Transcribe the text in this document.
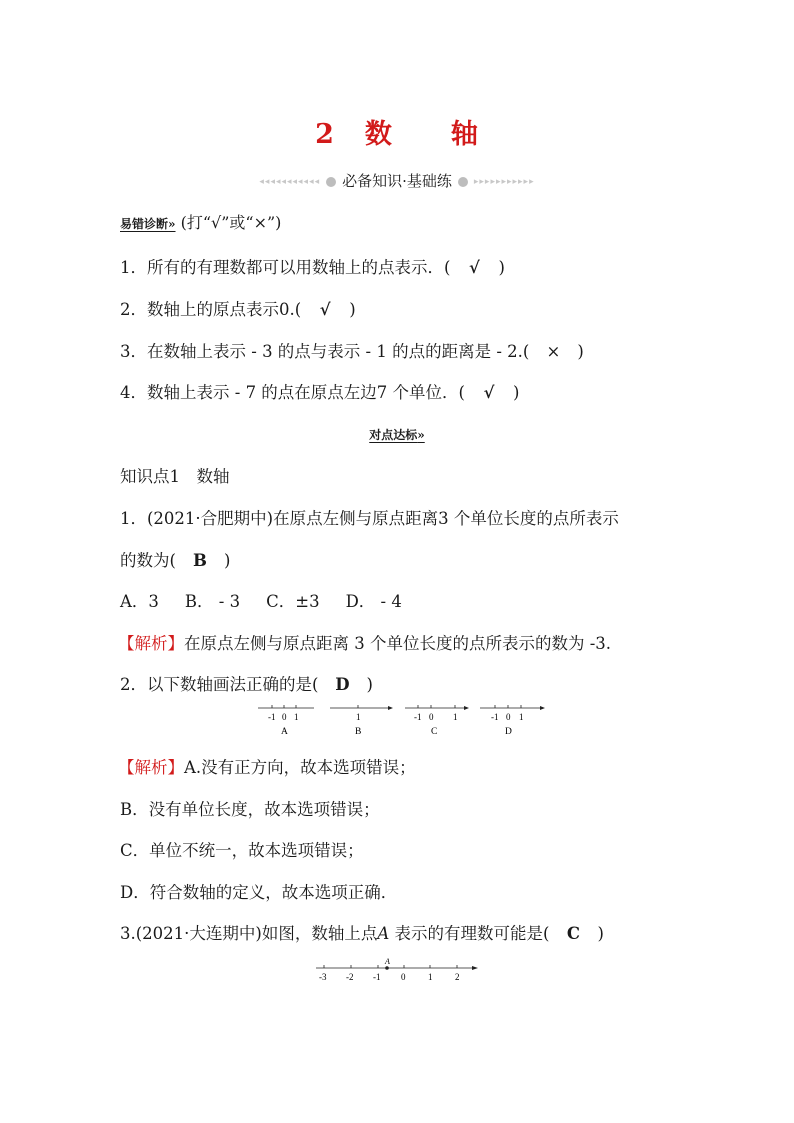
2 数 轴
◂◂◂◂◂◂◂◂◂◂◂ 必备知识·基础练 ▸▸▸▸▸▸▸▸▸▸▸
易错诊断» (打“√”或“×”)
1．所有的有理数都可以用数轴上的点表示．( √ )
2．数轴上的原点表示0.( √ )
3．在数轴上表示 - 3 的点与表示 - 1 的点的距离是 - 2.( × )
4．数轴上表示 - 7 的点在原点左边7 个单位．( √ )
对点达标»
知识点1　数轴
1．(2021·合肥期中)在原点左侧与原点距离3 个单位长度的点所表示
的数为( B )
A．3 B． - 3 C．±3 D． - 4
【解析】在原点左侧与原点距离 3 个单位长度的点所表示的数为 -3.
2．以下数轴画法正确的是( D )
-1 0 1
A
1
B
-1 0 1
C
-1 0 1
D
【解析】A.没有正方向，故本选项错误；
B．没有单位长度，故本选项错误；
C．单位不统一，故本选项错误；
D．符合数轴的定义，故本选项正确．
3.(2021·大连期中)如图，数轴上点A 表示的有理数可能是( C )
A
-3 -2 -1 0	1	2
